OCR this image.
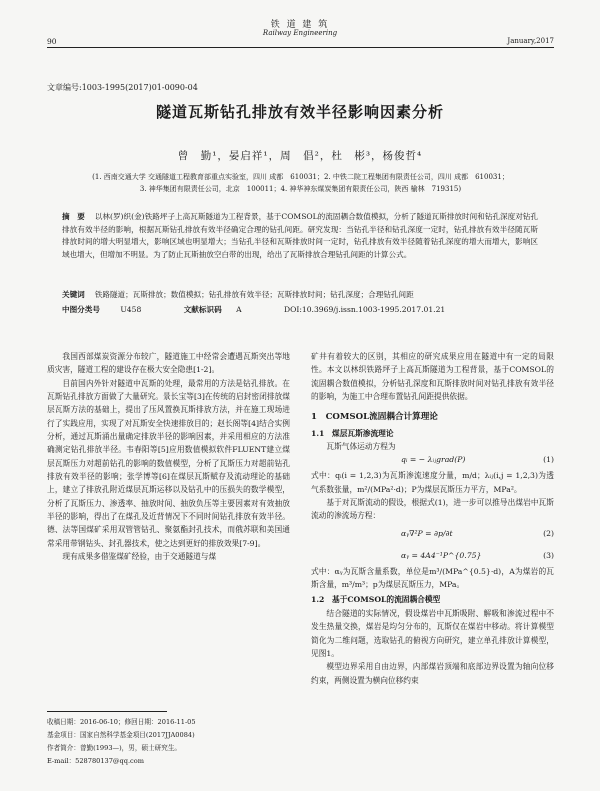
铁 道 建 筑
Railway Engineering
90	January,2017
文章编号:1003-1995(2017)01-0090-04
隧道瓦斯钻孔排放有效半径影响因素分析
曾　勤¹，晏启祥¹，周　倡²，杜　彬³，杨俊哲⁴
(1. 西南交通大学 交通隧道工程教育部重点实验室，四川 成都　610031；2. 中铁二院工程集团有限责任公司，四川 成都　610031；
3. 神华集团有限责任公司，北京　100011；4. 神华神东煤炭集团有限责任公司，陕西 榆林　719315)
摘　要 以林(罗)织(金)铁路坪子上高瓦斯隧道为工程背景，基于COMSOL的流固耦合数值模拟，分析了隧道瓦斯排放时间和钻孔深度对钻孔排放有效半径的影响，根据瓦斯钻孔排放有效半径确定合理的钻孔间距。研究发现：当钻孔半径和钻孔深度一定时，钻孔排放有效半径随瓦斯排放时间的增大明显增大，影响区域也明显增大；当钻孔半径和瓦斯排放时间一定时，钻孔排放有效半径随着钻孔深度的增大而增大，影响区域也增大，但增加不明显。为了防止瓦斯抽放空白带的出现，给出了瓦斯排放合理钻孔间距的计算公式。
关键词 铁路隧道；瓦斯排放；数值模拟；钻孔排放有效半径；瓦斯排放时间；钻孔深度；合理钻孔间距
中图分类号	U458	文献标识码 A	DOI:10.3969/j.issn.1003-1995.2017.01.21

我国西部煤炭资源分布较广，隧道施工中经常会遭遇瓦斯突出等地质灾害，隧道工程的建设存在极大安全隐患[1-2]。

目前国内外针对隧道中瓦斯的处理，最常用的方法是钻孔排放。在瓦斯钻孔排放方面做了大量研究。景长宝等[3]在传统的启封密闭排放煤层瓦斯方法的基础上，提出了压风置换瓦斯排放方法，并在施工现场进行了实践应用，实现了对瓦斯安全快速排放目的；赵长阁等[4]结合实例分析，通过瓦斯涌出量确定排放半径的影响因素，并采用相应的方法准确测定钻孔排放半径。韦春阳等[5]应用数值模拟软件FLUENT建立煤层瓦斯压力对超前钻孔的影响的数值模型，分析了瓦斯压力对超前钻孔排放有效半径的影响；张学博等[6]在煤层瓦斯赋存及流动理论的基础上，建立了排放孔附近煤层瓦斯运移以及钻孔中的压损失的数学模型，分析了瓦斯压力、渗透率、抽放时间、抽放负压等主要因素对有效抽放半径的影响，得出了在煤孔及近背情况下不同时间钻孔排放有效半径。德、法等国煤矿采用双管管钻孔、聚氨酯封孔技术，而俄苏联和美国通常采用带钢钻头、封孔器技术，使之达到更好的排放效果[7-9]。

现有成果多借鉴煤矿经验，由于交通隧道与煤

收稿日期：2016-06-10；修回日期：2016-11-05
基金项目：国家自然科学基金项目(2017JJA0084)
作者简介：曾勤(1993—)，男，硕士研究生。
E-mail：528780137@qq.com

矿井有着较大的区别，其相应的研究成果应用在隧道中有一定的局限性。本文以林织铁路坪子上高瓦斯隧道为工程背景，基于COMSOL的流固耦合数值模拟，分析钻孔深度和瓦斯排放时间对钻孔排放有效半径的影响，为施工中合理布置钻孔间距提供依据。

1　COMSOL流固耦合计算理论

1.1　煤层瓦斯渗流理论

瓦斯气体运动方程为

qᵢ = − λᵢⱼgrad(P)	(1)

式中：qᵢ(i = 1,2,3)为瓦斯渗流速度分量，m/d；λᵢⱼ(i,j = 1,2,3)为透气系数张量，m²/(MPa²·d)；P为煤层瓦斯压力平方，MPa²。

基于对瓦斯流动的假设，根据式(1)，进一步可以推导出煤岩中瓦斯流动的渗流场方程：

αᵧ∇²P = ∂p/∂t	(2)
αᵧ = 4A4⁻¹P^{0.75}	(3)

式中：αᵧ为瓦斯含量系数，单位是m³/(MPa^{0.5}·d)，A为煤岩的瓦斯含量，m³/m³；p为煤层瓦斯压力，MPa。

1.2　基于COMSOL的流固耦合模型

结合隧道的实际情况，假设煤岩中瓦斯吸附、解吸和渗流过程中不发生热量交换，煤岩是均匀分布的，瓦斯仅在煤岩中移动。将计算模型简化为二维问题，选取钻孔的俯视方向研究，建立单孔排放计算模型，见图1。

模型边界采用自由边界，内部煤岩顶端和底部边界设置为轴向位移约束，两侧设置为横向位移约束
